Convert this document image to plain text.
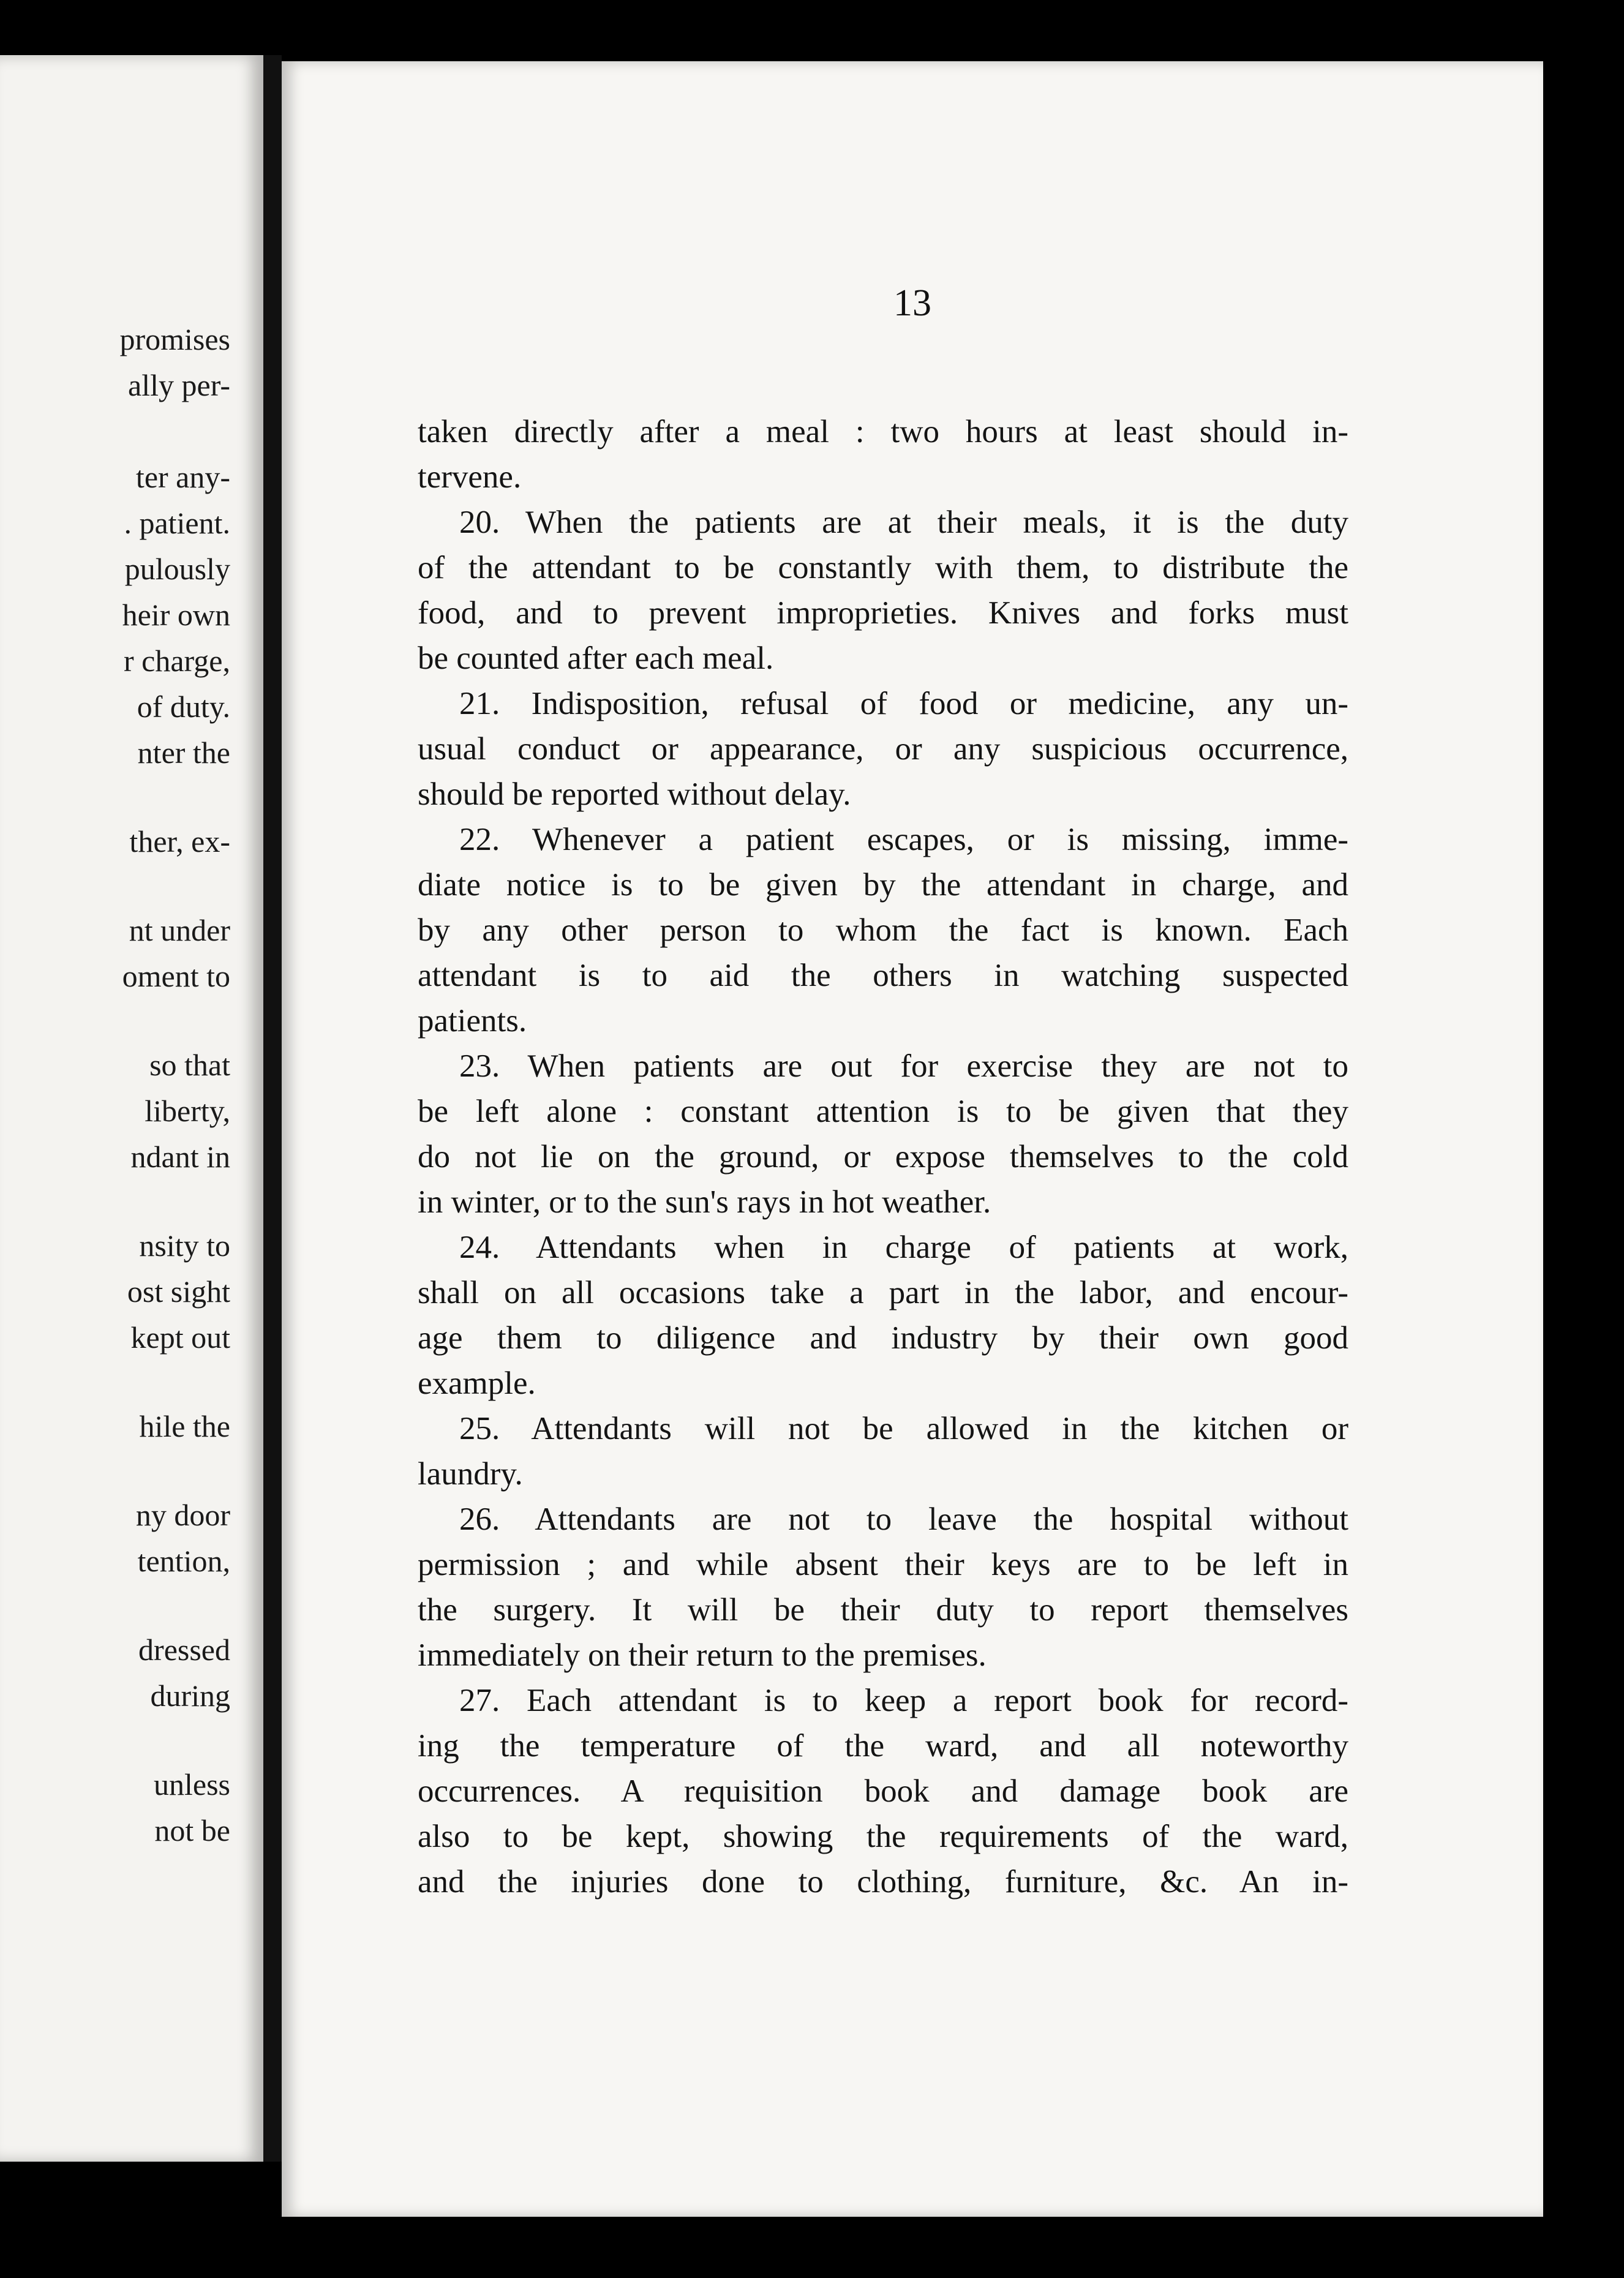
promises
ally per-
ter any-
. patient.
pulously
heir own
r charge,
of duty.
nter the
ther, ex-
nt under
oment to
so that
liberty,
ndant in
nsity to
ost sight
kept out
hile the
ny door
tention,
dressed
during
unless
not be
13
taken directly after a meal : two hours at least should in-
tervene.
20. When the patients are at their meals, it is the duty
of the attendant to be constantly with them, to distribute the
food, and to prevent improprieties. Knives and forks must
be counted after each meal.
21. Indisposition, refusal of food or medicine, any un-
usual conduct or appearance, or any suspicious occurrence,
should be reported without delay.
22. Whenever a patient escapes, or is missing, imme-
diate notice is to be given by the attendant in charge, and
by any other person to whom the fact is known. Each
attendant is to aid the others in watching suspected
patients.
23. When patients are out for exercise they are not to
be left alone : constant attention is to be given that they
do not lie on the ground, or expose themselves to the cold
in winter, or to the sun's rays in hot weather.
24. Attendants when in charge of patients at work,
shall on all occasions take a part in the labor, and encour-
age them to diligence and industry by their own good
example.
25. Attendants will not be allowed in the kitchen or
laundry.
26. Attendants are not to leave the hospital without
permission ; and while absent their keys are to be left in
the surgery. It will be their duty to report themselves
immediately on their return to the premises.
27. Each attendant is to keep a report book for record-
ing the temperature of the ward, and all noteworthy
occurrences. A requisition book and damage book are
also to be kept, showing the requirements of the ward,
and the injuries done to clothing, furniture, &c. An in-
